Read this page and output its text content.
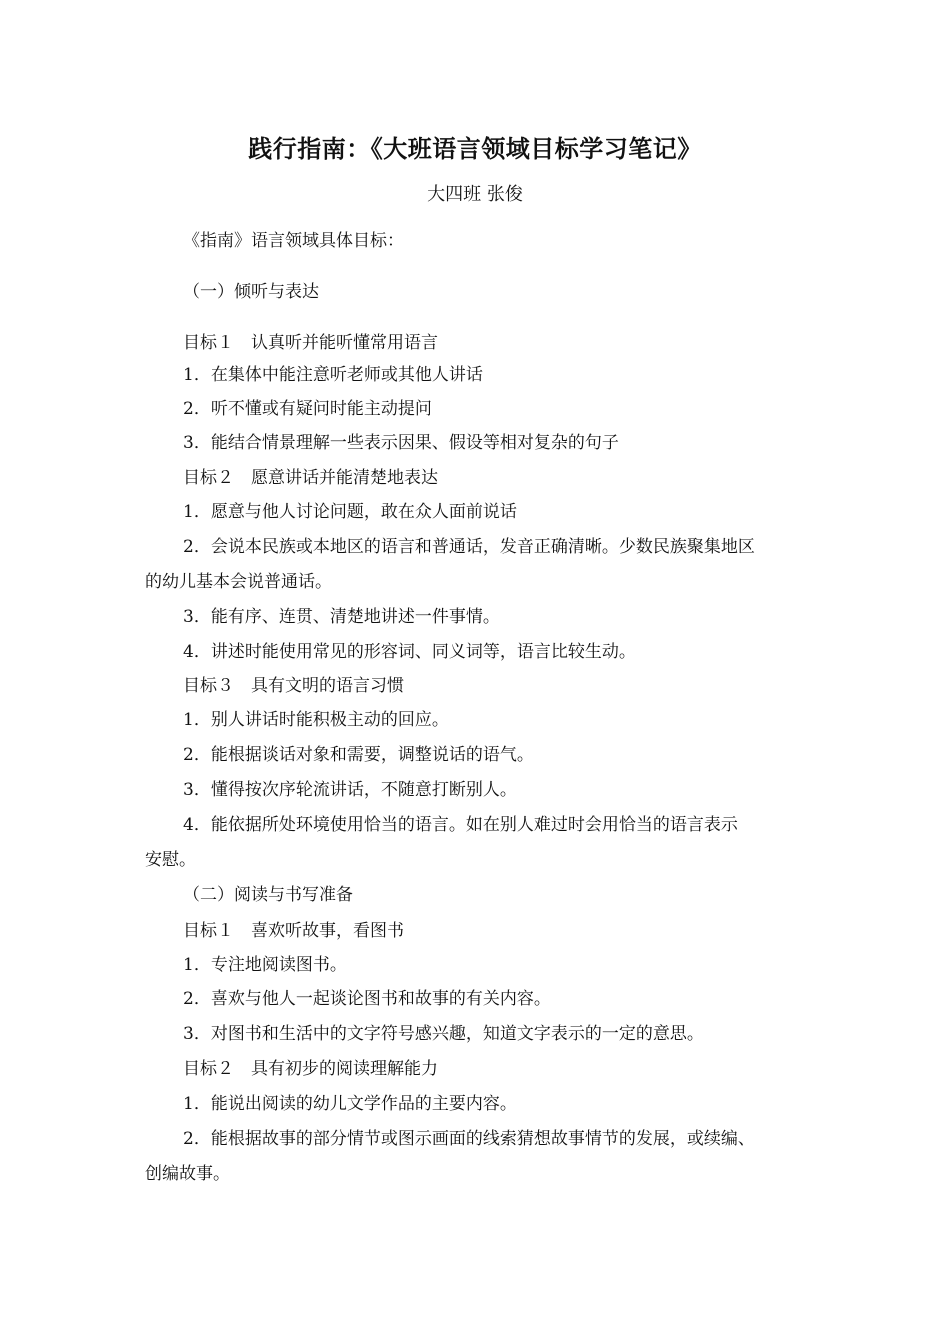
践行指南：《大班语言领域目标学习笔记》
大四班 张俊
《指南》语言领域具体目标：
（一）倾听与表达
目标１　认真听并能听懂常用语言
1．在集体中能注意听老师或其他人讲话
2．听不懂或有疑问时能主动提问
3．能结合情景理解一些表示因果、假设等相对复杂的句子
目标２　愿意讲话并能清楚地表达
1．愿意与他人讨论问题，敢在众人面前说话
2．会说本民族或本地区的语言和普通话，发音正确清晰。少数民族聚集地区
的幼儿基本会说普通话。
3．能有序、连贯、清楚地讲述一件事情。
4．讲述时能使用常见的形容词、同义词等，语言比较生动。
目标３　具有文明的语言习惯
1．别人讲话时能积极主动的回应。
2．能根据谈话对象和需要，调整说话的语气。
3．懂得按次序轮流讲话，不随意打断别人。
4．能依据所处环境使用恰当的语言。如在别人难过时会用恰当的语言表示
安慰。
（二）阅读与书写准备
目标１　喜欢听故事，看图书
1．专注地阅读图书。
2．喜欢与他人一起谈论图书和故事的有关内容。
3．对图书和生活中的文字符号感兴趣，知道文字表示的一定的意思。
目标２　具有初步的阅读理解能力
1．能说出阅读的幼儿文学作品的主要内容。
2．能根据故事的部分情节或图示画面的线索猜想故事情节的发展，或续编、
创编故事。
